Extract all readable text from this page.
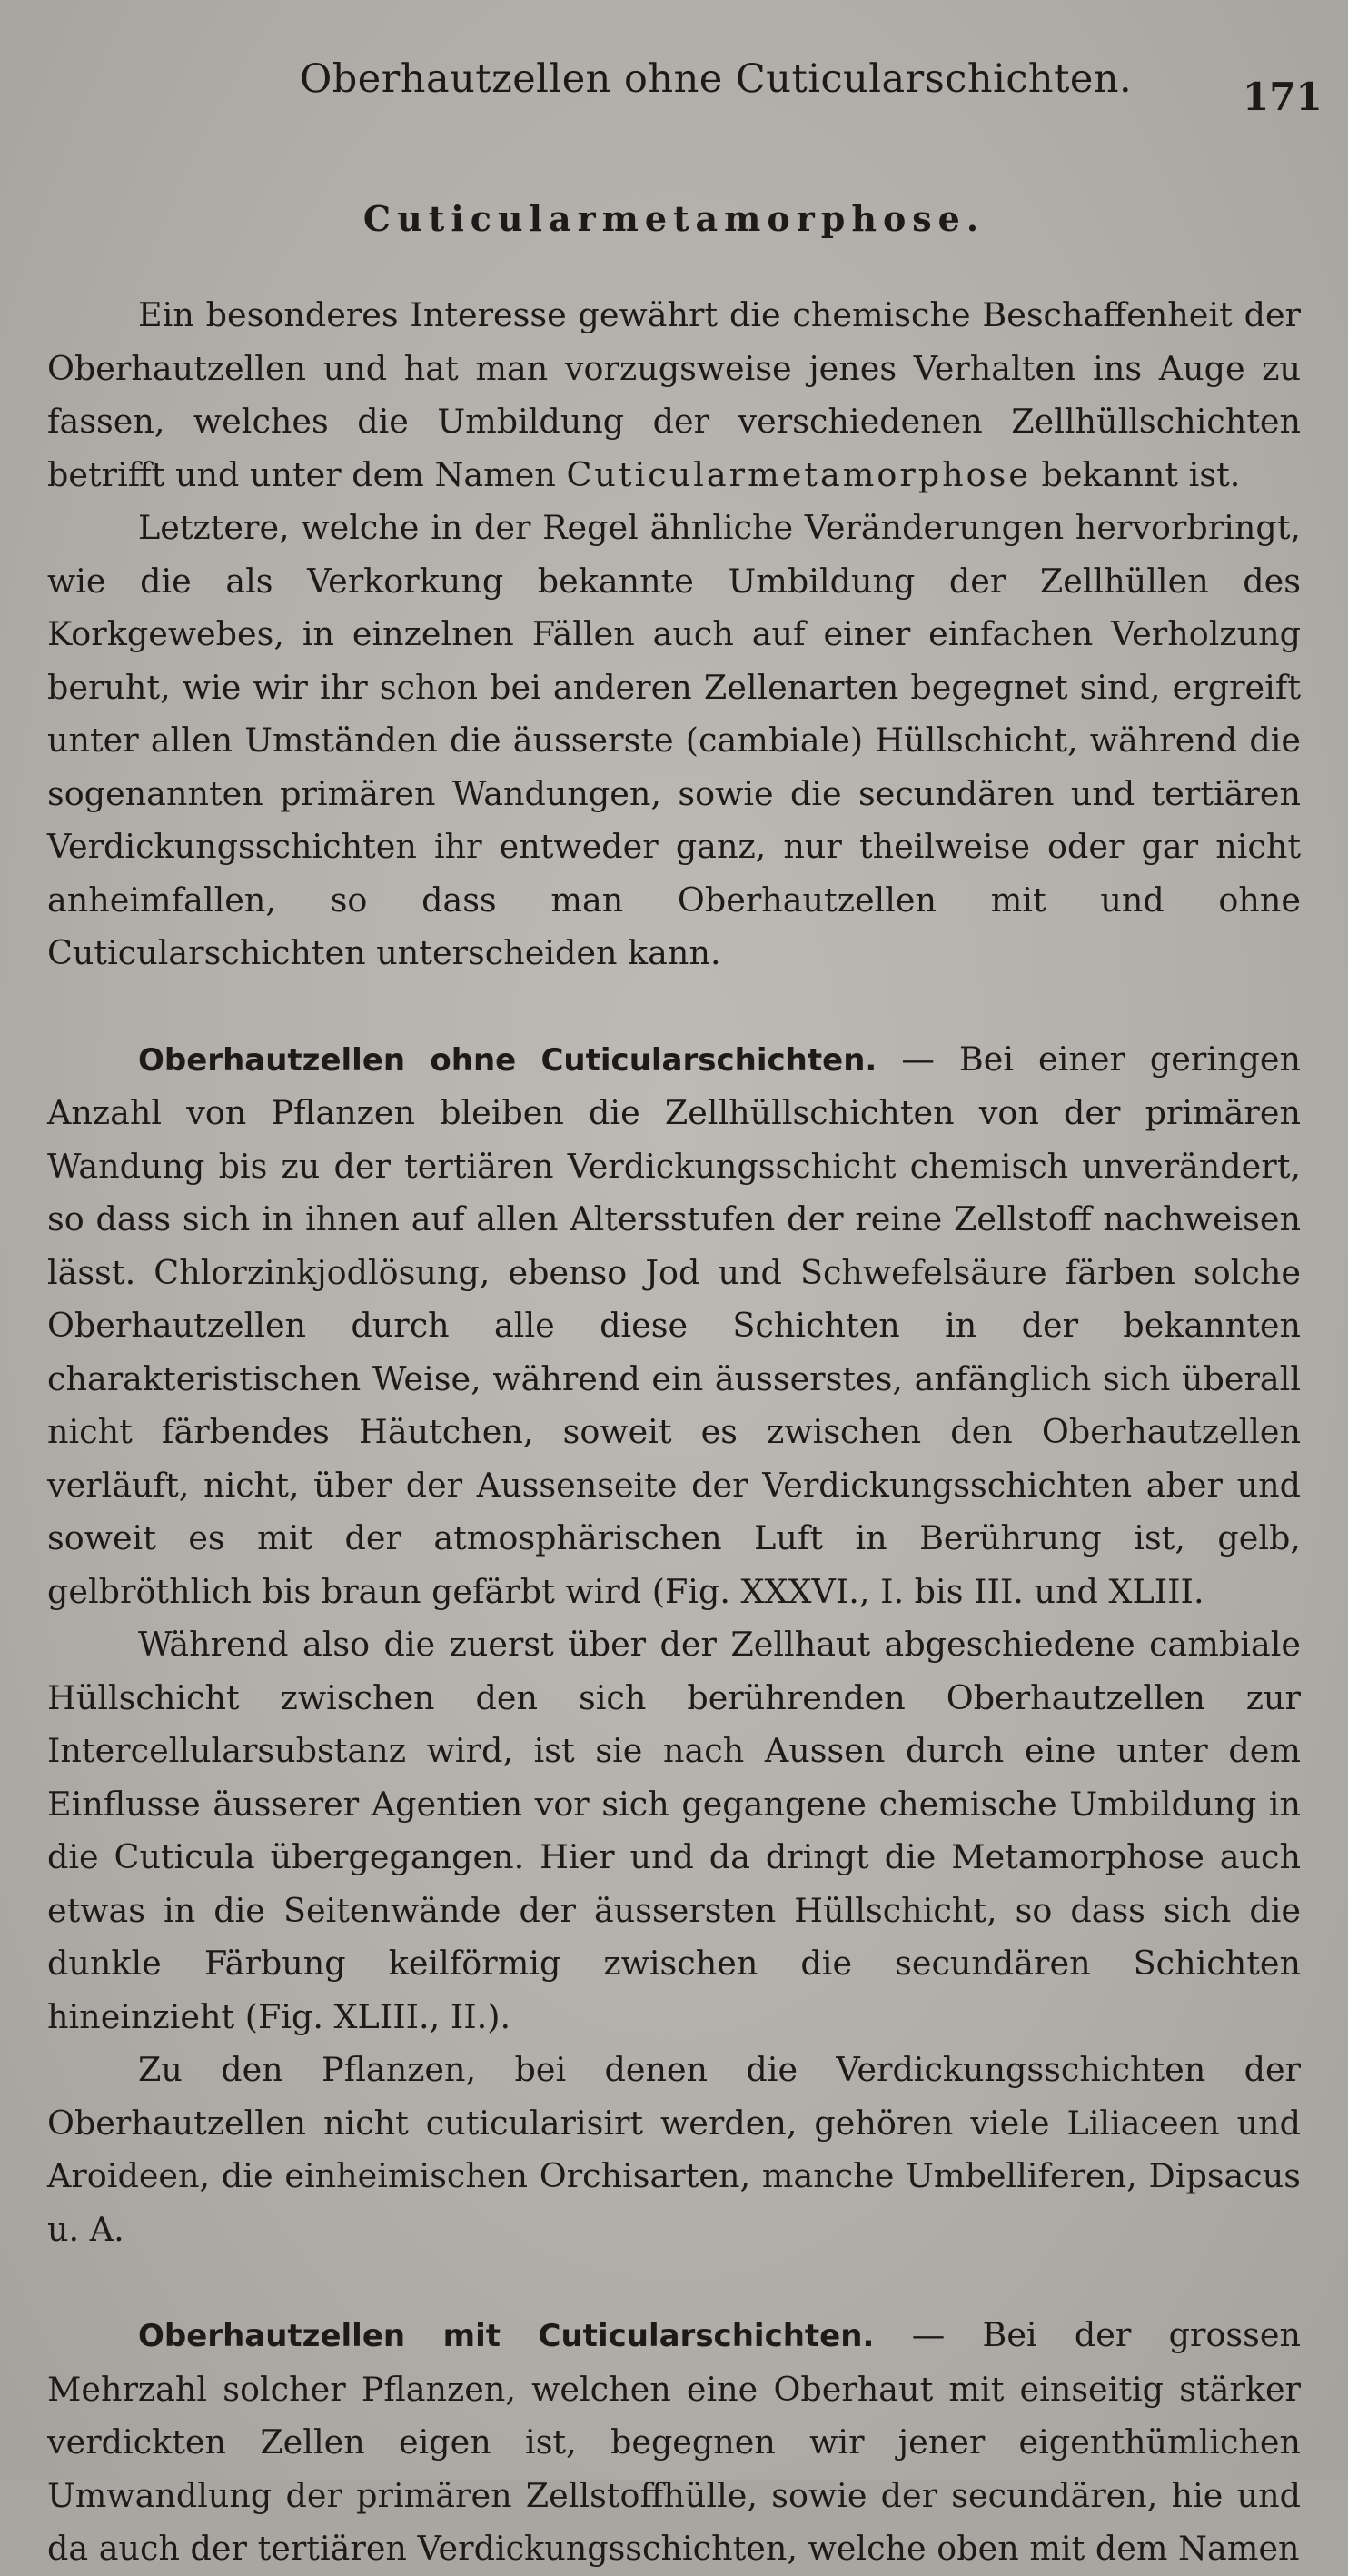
Oberhautzellen ohne Cuticularschichten.	171
Cuticularmetamorphose.

Ein besonderes Interesse gewährt die chemische Beschaffenheit der Oberhautzellen und hat man vorzugsweise jenes Verhalten ins Auge zu fassen, welches die Umbildung der verschiedenen Zellhüllschichten betrifft und unter dem Namen Cuticularmetamorphose bekannt ist.

Letztere, welche in der Regel ähnliche Veränderungen hervorbringt, wie die als Verkorkung bekannte Umbildung der Zellhüllen des Korkgewebes, in einzelnen Fällen auch auf einer einfachen Verholzung beruht, wie wir ihr schon bei anderen Zellenarten begegnet sind, ergreift unter allen Umständen die äusserste (cambiale) Hüllschicht, während die sogenannten primären Wandungen, sowie die secundären und tertiären Verdickungsschichten ihr entweder ganz, nur theilweise oder gar nicht anheimfallen, so dass man Oberhautzellen mit und ohne Cuticularschichten unterscheiden kann.

Oberhautzellen ohne Cuticularschichten. — Bei einer geringen Anzahl von Pflanzen bleiben die Zellhüllschichten von der primären Wandung bis zu der tertiären Verdickungsschicht chemisch unverändert, so dass sich in ihnen auf allen Altersstufen der reine Zellstoff nachweisen lässt. Chlorzinkjodlösung, ebenso Jod und Schwefelsäure färben solche Oberhautzellen durch alle diese Schichten in der bekannten charakteristischen Weise, während ein äusserstes, anfänglich sich überall nicht färbendes Häutchen, soweit es zwischen den Oberhautzellen verläuft, nicht, über der Aussenseite der Verdickungsschichten aber und soweit es mit der atmosphärischen Luft in Berührung ist, gelb, gelbröthlich bis braun gefärbt wird (Fig. XXXVI., I. bis III. und XLIII.

Während also die zuerst über der Zellhaut abgeschiedene cambiale Hüllschicht zwischen den sich berührenden Oberhautzellen zur Intercellularsubstanz wird, ist sie nach Aussen durch eine unter dem Einflusse äusserer Agentien vor sich gegangene chemische Umbildung in die Cuticula übergegangen. Hier und da dringt die Metamorphose auch etwas in die Seitenwände der äussersten Hüllschicht, so dass sich die dunkle Färbung keilförmig zwischen die secundären Schichten hineinzieht (Fig. XLIII., II.).

Zu den Pflanzen, bei denen die Verdickungsschichten der Oberhautzellen nicht cuticularisirt werden, gehören viele Liliaceen und Aroideen, die einheimischen Orchisarten, manche Umbelliferen, Dipsacus u. A.

Oberhautzellen mit Cuticularschichten. — Bei der grossen Mehrzahl solcher Pflanzen, welchen eine Oberhaut mit einseitig stärker verdickten Zellen eigen ist, begegnen wir jener eigenthümlichen Umwandlung der primären Zellstoffhülle, sowie der secundären, hie und da auch der tertiären Verdickungsschichten, welche oben mit dem Namen
